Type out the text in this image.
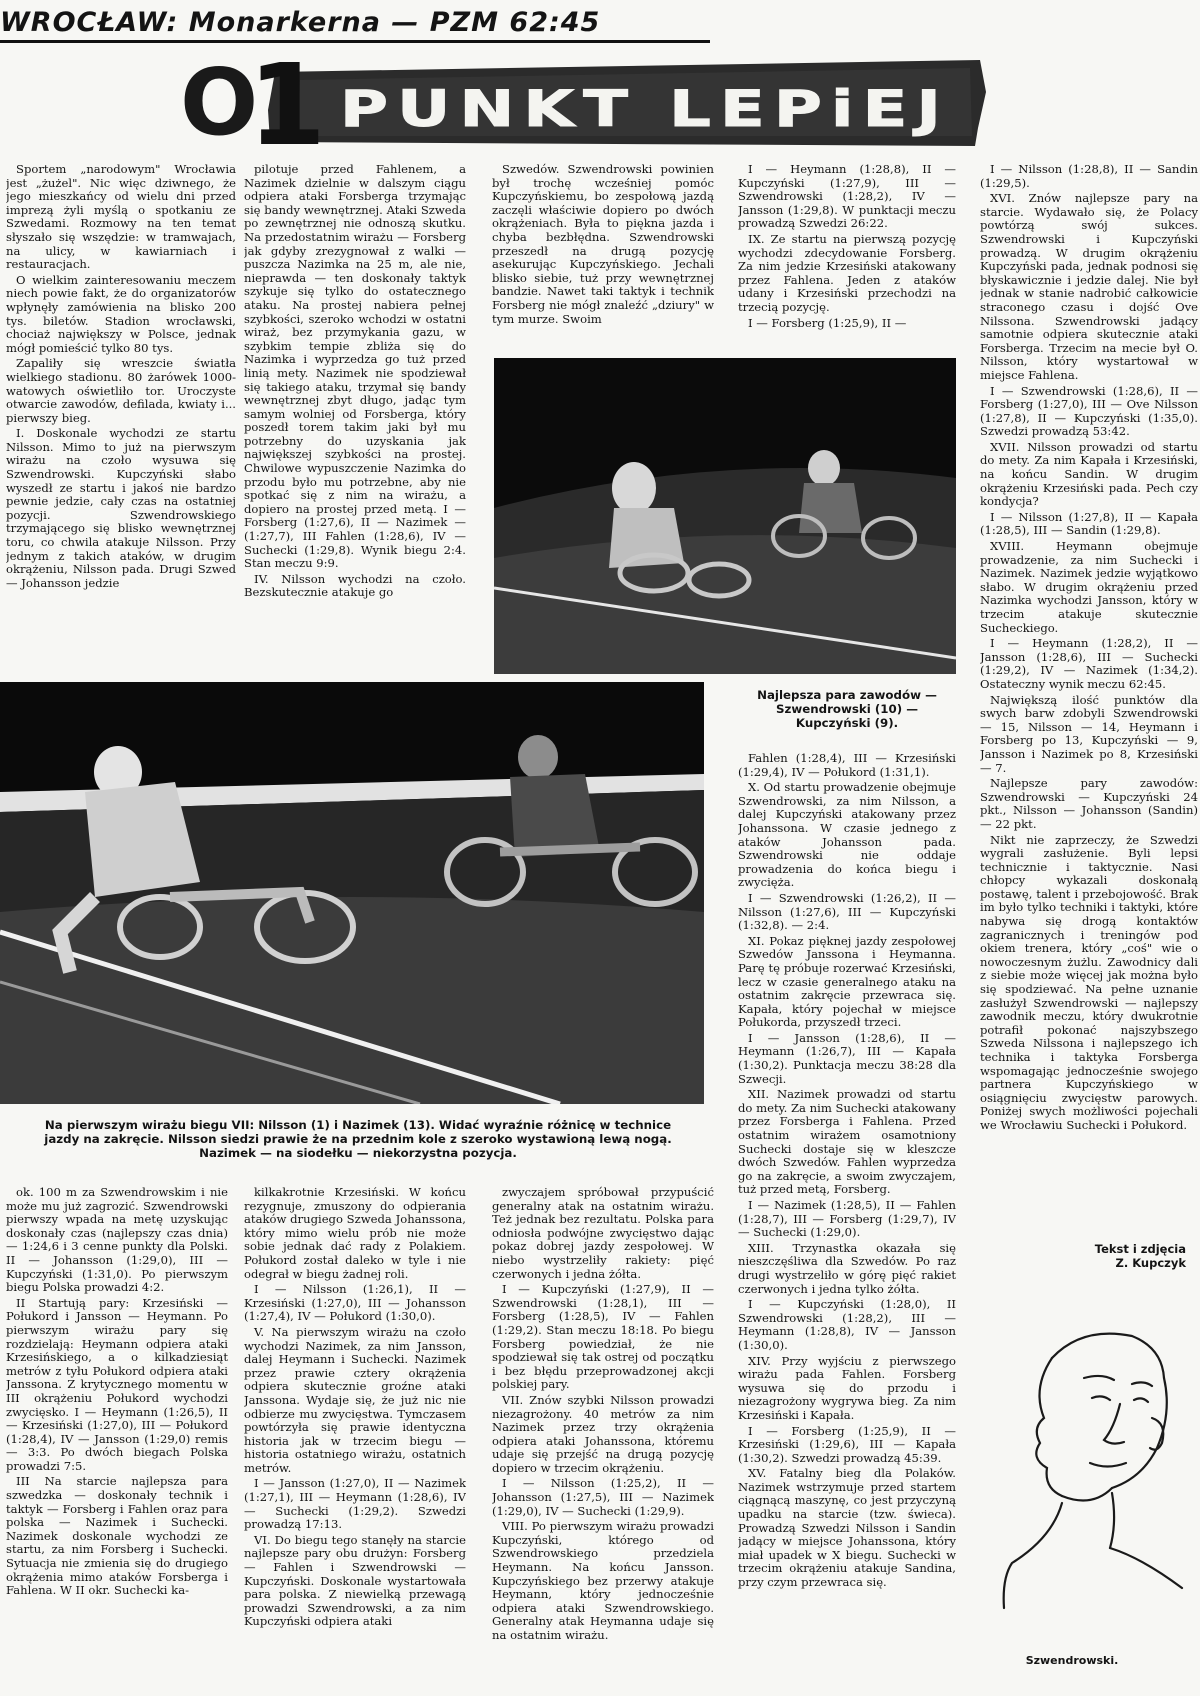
WROCŁAW: Monarkerna — PZM 62:45
O
1 PUNKT LEPiEJ

Sportem „narodowym" Wrocławia jest „żużel". Nic więc dziwnego, że jego mieszkańcy od wielu dni przed imprezą żyli myślą o spotkaniu ze Szwedami. Rozmowy na ten temat słyszało się wszędzie: w tramwajach, na ulicy, w kawiarniach i restauracjach.

O wielkim zainteresowaniu meczem niech powie fakt, że do organizatorów wpłynęły zamówienia na blisko 200 tys. biletów. Stadion wrocławski, chociaż największy w Polsce, jednak mógł pomieścić tylko 80 tys.

Zapaliły się wreszcie światła wielkiego stadionu. 80 żarówek 1000-watowych oświetliło tor. Uroczyste otwarcie zawodów, defilada, kwiaty i... pierwszy bieg.

I. Doskonale wychodzi ze startu Nilsson. Mimo to już na pierwszym wirażu na czoło wysuwa się Szwendrowski. Kupczyński słabo wyszedł ze startu i jakoś nie bardzo pewnie jedzie, cały czas na ostatniej pozycji. Szwendrowskiego trzymającego się blisko wewnętrznej toru, co chwila atakuje Nilsson. Przy jednym z takich ataków, w drugim okrążeniu, Nilsson pada. Drugi Szwed — Johansson jedzie

pilotuje przed Fahlenem, a Nazimek dzielnie w dalszym ciągu odpiera ataki Forsberga trzymając się bandy wewnętrznej. Ataki Szweda po zewnętrznej nie odnoszą skutku. Na przedostatnim wirażu — Forsberg jak gdyby zrezygnował z walki — puszcza Nazimka na 25 m, ale nie, nieprawda — ten doskonały taktyk szykuje się tylko do ostatecznego ataku. Na prostej nabiera pełnej szybkości, szeroko wchodzi w ostatni wiraż, bez przymykania gazu, w szybkim tempie zbliża się do Nazimka i wyprzedza go tuż przed linią mety. Nazimek nie spodziewał się takiego ataku, trzymał się bandy wewnętrznej zbyt długo, jadąc tym samym wolniej od Forsberga, który poszedł torem takim jaki był mu potrzebny do uzyskania jak największej szybkości na prostej. Chwilowe wypuszczenie Nazimka do przodu było mu potrzebne, aby nie spotkać się z nim na wirażu, a dopiero na prostej przed metą. I — Forsberg (1:27,6), II — Nazimek — (1:27,7), III Fahlen (1:28,6), IV — Suchecki (1:29,8). Wynik biegu 2:4. Stan meczu 9:9.

IV. Nilsson wychodzi na czoło. Bezskutecznie atakuje go

Szwedów. Szwendrowski powinien był trochę wcześniej pomóc Kupczyńskiemu, bo zespołową jazdą zaczęli właściwie dopiero po dwóch okrążeniach. Była to piękna jazda i chyba bezbłędna. Szwendrowski przeszedł na drugą pozycję asekurując Kupczyńskiego. Jechali blisko siebie, tuż przy wewnętrznej bandzie. Nawet taki taktyk i technik Forsberg nie mógł znaleźć „dziury" w tym murze. Swoim

I — Heymann (1:28,8), II — Kupczyński (1:27,9), III — Szwendrowski (1:28,2), IV — Jansson (1:29,8). W punktacji meczu prowadzą Szwedzi 26:22.

IX. Ze startu na pierwszą pozycję wychodzi zdecydowanie Forsberg. Za nim jedzie Krzesiński atakowany przez Fahlena. Jeden z ataków udany i Krzesiński przechodzi na trzecią pozycję.

I — Forsberg (1:25,9), II —

I — Nilsson (1:28,8), II — Sandin (1:29,5).

XVI. Znów najlepsze pary na starcie. Wydawało się, że Polacy powtórzą swój sukces. Szwendrowski i Kupczyński prowadzą. W drugim okrążeniu Kupczyński pada, jednak podnosi się błyskawicznie i jedzie dalej. Nie był jednak w stanie nadrobić całkowicie straconego czasu i dojść Ove Nilssona. Szwendrowski jadący samotnie odpiera skutecznie ataki Forsberga. Trzecim na mecie był O. Nilsson, który wystartował w miejsce Fahlena.

I — Szwendrowski (1:28,6), II — Forsberg (1:27,0), III — Ove Nilsson (1:27,8), II — Kupczyński (1:35,0). Szwedzi prowadzą 53:42.

XVII. Nilsson prowadzi od startu do mety. Za nim Kapała i Krzesiński, na końcu Sandin. W drugim okrążeniu Krzesiński pada. Pech czy kondycja?

I — Nilsson (1:27,8), II — Kapała (1:28,5), III — Sandin (1:29,8).

XVIII. Heymann obejmuje prowadzenie, za nim Suchecki i Nazimek. Nazimek jedzie wyjątkowo słabo. W drugim okrążeniu przed Nazimka wychodzi Jansson, który w trzecim atakuje skutecznie Sucheckiego.

I — Heymann (1:28,2), II — Jansson (1:28,6), III — Suchecki (1:29,2), IV — Nazimek (1:34,2). Ostateczny wynik meczu 62:45.

Największą ilość punktów dla swych barw zdobyli Szwendrowski — 15, Nilsson — 14, Heymann i Forsberg po 13, Kupczyński — 9, Jansson i Nazimek po 8, Krzesiński — 7.

Najlepsze pary zawodów: Szwendrowski — Kupczyński 24 pkt., Nilsson — Johansson (Sandin) — 22 pkt.

Nikt nie zaprzeczy, że Szwedzi wygrali zasłużenie. Byli lepsi technicznie i taktycznie. Nasi chłopcy wykazali doskonałą postawę, talent i przebojowość. Brak im było tylko techniki i taktyki, które nabywa się drogą kontaktów zagranicznych i treningów pod okiem trenera, który „coś" wie o nowoczesnym żużlu. Zawodnicy dali z siebie może więcej jak można było się spodziewać. Na pełne uznanie zasłużył Szwendrowski — najlepszy zawodnik meczu, który dwukrotnie potrafił pokonać najszybszego Szweda Nilssona i najlepszego ich technika i taktyka Forsberga wspomagając jednocześnie swojego partnera Kupczyńskiego w osiągnięciu zwycięstw parowych. Poniżej swych możliwości pojechali we Wrocławiu Suchecki i Połukord.

Najlepsza para zawodów — Szwendrowski (10) — Kupczyński (9).
Na pierwszym wirażu biegu VII: Nilsson (1) i Nazimek (13). Widać wyraźnie różnicę w technice jazdy na zakręcie. Nilsson siedzi prawie że na przednim kole z szeroko wystawioną lewą nogą. Nazimek — na siodełku — niekorzystna pozycja.

Fahlen (1:28,4), III — Krzesiński (1:29,4), IV — Połukord (1:31,1).

X. Od startu prowadzenie obejmuje Szwendrowski, za nim Nilsson, a dalej Kupczyński atakowany przez Johanssona. W czasie jednego z ataków Johansson pada. Szwendrowski nie oddaje prowadzenia do końca biegu i zwycięża.

I — Szwendrowski (1:26,2), II — Nilsson (1:27,6), III — Kupczyński (1:32,8). — 2:4.

XI. Pokaz pięknej jazdy zespołowej Szwedów Janssona i Heymanna. Parę tę próbuje rozerwać Krzesiński, lecz w czasie generalnego ataku na ostatnim zakręcie przewraca się. Kapała, który pojechał w miejsce Połukorda, przyszedł trzeci.

I — Jansson (1:28,6), II — Heymann (1:26,7), III — Kapała (1:30,2). Punktacja meczu 38:28 dla Szwecji.

XII. Nazimek prowadzi od startu do mety. Za nim Suchecki atakowany przez Forsberga i Fahlena. Przed ostatnim wirażem osamotniony Suchecki dostaje się w kleszcze dwóch Szwedów. Fahlen wyprzedza go na zakręcie, a swoim zwyczajem, tuż przed metą, Forsberg.

I — Nazimek (1:28,5), II — Fahlen (1:28,7), III — Forsberg (1:29,7), IV — Suchecki (1:29,0).

XIII. Trzynastka okazała się nieszczęśliwa dla Szwedów. Po raz drugi wystrzeliło w górę pięć rakiet czerwonych i jedna tylko żółta.

I — Kupczyński (1:28,0), II Szwendrowski (1:28,2), III — Heymann (1:28,8), IV — Jansson (1:30,0).

XIV. Przy wyjściu z pierwszego wirażu pada Fahlen. Forsberg wysuwa się do przodu i niezagrożony wygrywa bieg. Za nim Krzesiński i Kapała.

I — Forsberg (1:25,9), II — Krzesiński (1:29,6), III — Kapała (1:30,2). Szwedzi prowadzą 45:39.

XV. Fatalny bieg dla Polaków. Nazimek wstrzymuje przed startem ciągnącą maszynę, co jest przyczyną upadku na starcie (tzw. świeca). Prowadzą Szwedzi Nilsson i Sandin jadący w miejsce Johanssona, który miał upadek w X biegu. Suchecki w trzecim okrążeniu atakuje Sandina, przy czym przewraca się.

ok. 100 m za Szwendrowskim i nie może mu już zagrozić. Szwendrowski pierwszy wpada na metę uzyskując doskonały czas (najlepszy czas dnia) — 1:24,6 i 3 cenne punkty dla Polski. II — Johansson (1:29,0), III — Kupczyński (1:31,0). Po pierwszym biegu Polska prowadzi 4:2.

II Startują pary: Krzesiński — Połukord i Jansson — Heymann. Po pierwszym wirażu pary się rozdzielają: Heymann odpiera ataki Krzesińskiego, a o kilkadziesiąt metrów z tyłu Połukord odpiera ataki Janssona. Z krytycznego momentu w III okrążeniu Połukord wychodzi zwycięsko. I — Heymann (1:26,5), II — Krzesiński (1:27,0), III — Połukord (1:28,4), IV — Jansson (1:29,0) remis — 3:3. Po dwóch biegach Polska prowadzi 7:5.

III Na starcie najlepsza para szwedzka — doskonały technik i taktyk — Forsberg i Fahlen oraz para polska — Nazimek i Suchecki. Nazimek doskonale wychodzi ze startu, za nim Forsberg i Suchecki. Sytuacja nie zmienia się do drugiego okrążenia mimo ataków Forsberga i Fahlena. W II okr. Suchecki ka-

kilkakrotnie Krzesiński. W końcu rezygnuje, zmuszony do odpierania ataków drugiego Szweda Johanssona, który mimo wielu prób nie może sobie jednak dać rady z Polakiem. Połukord został daleko w tyle i nie odegrał w biegu żadnej roli.

I — Nilsson (1:26,1), II — Krzesiński (1:27,0), III — Johansson (1:27,4), IV — Połukord (1:30,0).

V. Na pierwszym wirażu na czoło wychodzi Nazimek, za nim Jansson, dalej Heymann i Suchecki. Nazimek przez prawie cztery okrążenia odpiera skutecznie groźne ataki Janssona. Wydaje się, że już nic nie odbierze mu zwycięstwa. Tymczasem powtórzyła się prawie identyczna historia jak w trzecim biegu — historia ostatniego wirażu, ostatnich metrów.

I — Jansson (1:27,0), II — Nazimek (1:27,1), III — Heymann (1:28,6), IV — Suchecki (1:29,2). Szwedzi prowadzą 17:13.

VI. Do biegu tego stanęły na starcie najlepsze pary obu drużyn: Forsberg — Fahlen i Szwendrowski — Kupczyński. Doskonale wystartowała para polska. Z niewielką przewagą prowadzi Szwendrowski, a za nim Kupczyński odpiera ataki

zwyczajem spróbował przypuścić generalny atak na ostatnim wirażu. Też jednak bez rezultatu. Polska para odniosła podwójne zwycięstwo dając pokaz dobrej jazdy zespołowej. W niebo wystrzeliły rakiety: pięć czerwonych i jedna żółta.

I — Kupczyński (1:27,9), II — Szwendrowski (1:28,1), III — Forsberg (1:28,5), IV — Fahlen (1:29,2). Stan meczu 18:18. Po biegu Forsberg powiedział, że nie spodziewał się tak ostrej od początku i bez błędu przeprowadzonej akcji polskiej pary.

VII. Znów szybki Nilsson prowadzi niezagrożony. 40 metrów za nim Nazimek przez trzy okrążenia odpiera ataki Johanssona, któremu udaje się przejść na drugą pozycję dopiero w trzecim okrążeniu.

I — Nilsson (1:25,2), II — Johansson (1:27,5), III — Nazimek (1:29,0), IV — Suchecki (1:29,9).

VIII. Po pierwszym wirażu prowadzi Kupczyński, którego od Szwendrowskiego przedziela Heymann. Na końcu Jansson. Kupczyńskiego bez przerwy atakuje Heymann, który jednocześnie odpiera ataki Szwendrowskiego. Generalny atak Heymanna udaje się na ostatnim wirażu.

Tekst i zdjęcia
Z. Kupczyk
Szwendrowski.
